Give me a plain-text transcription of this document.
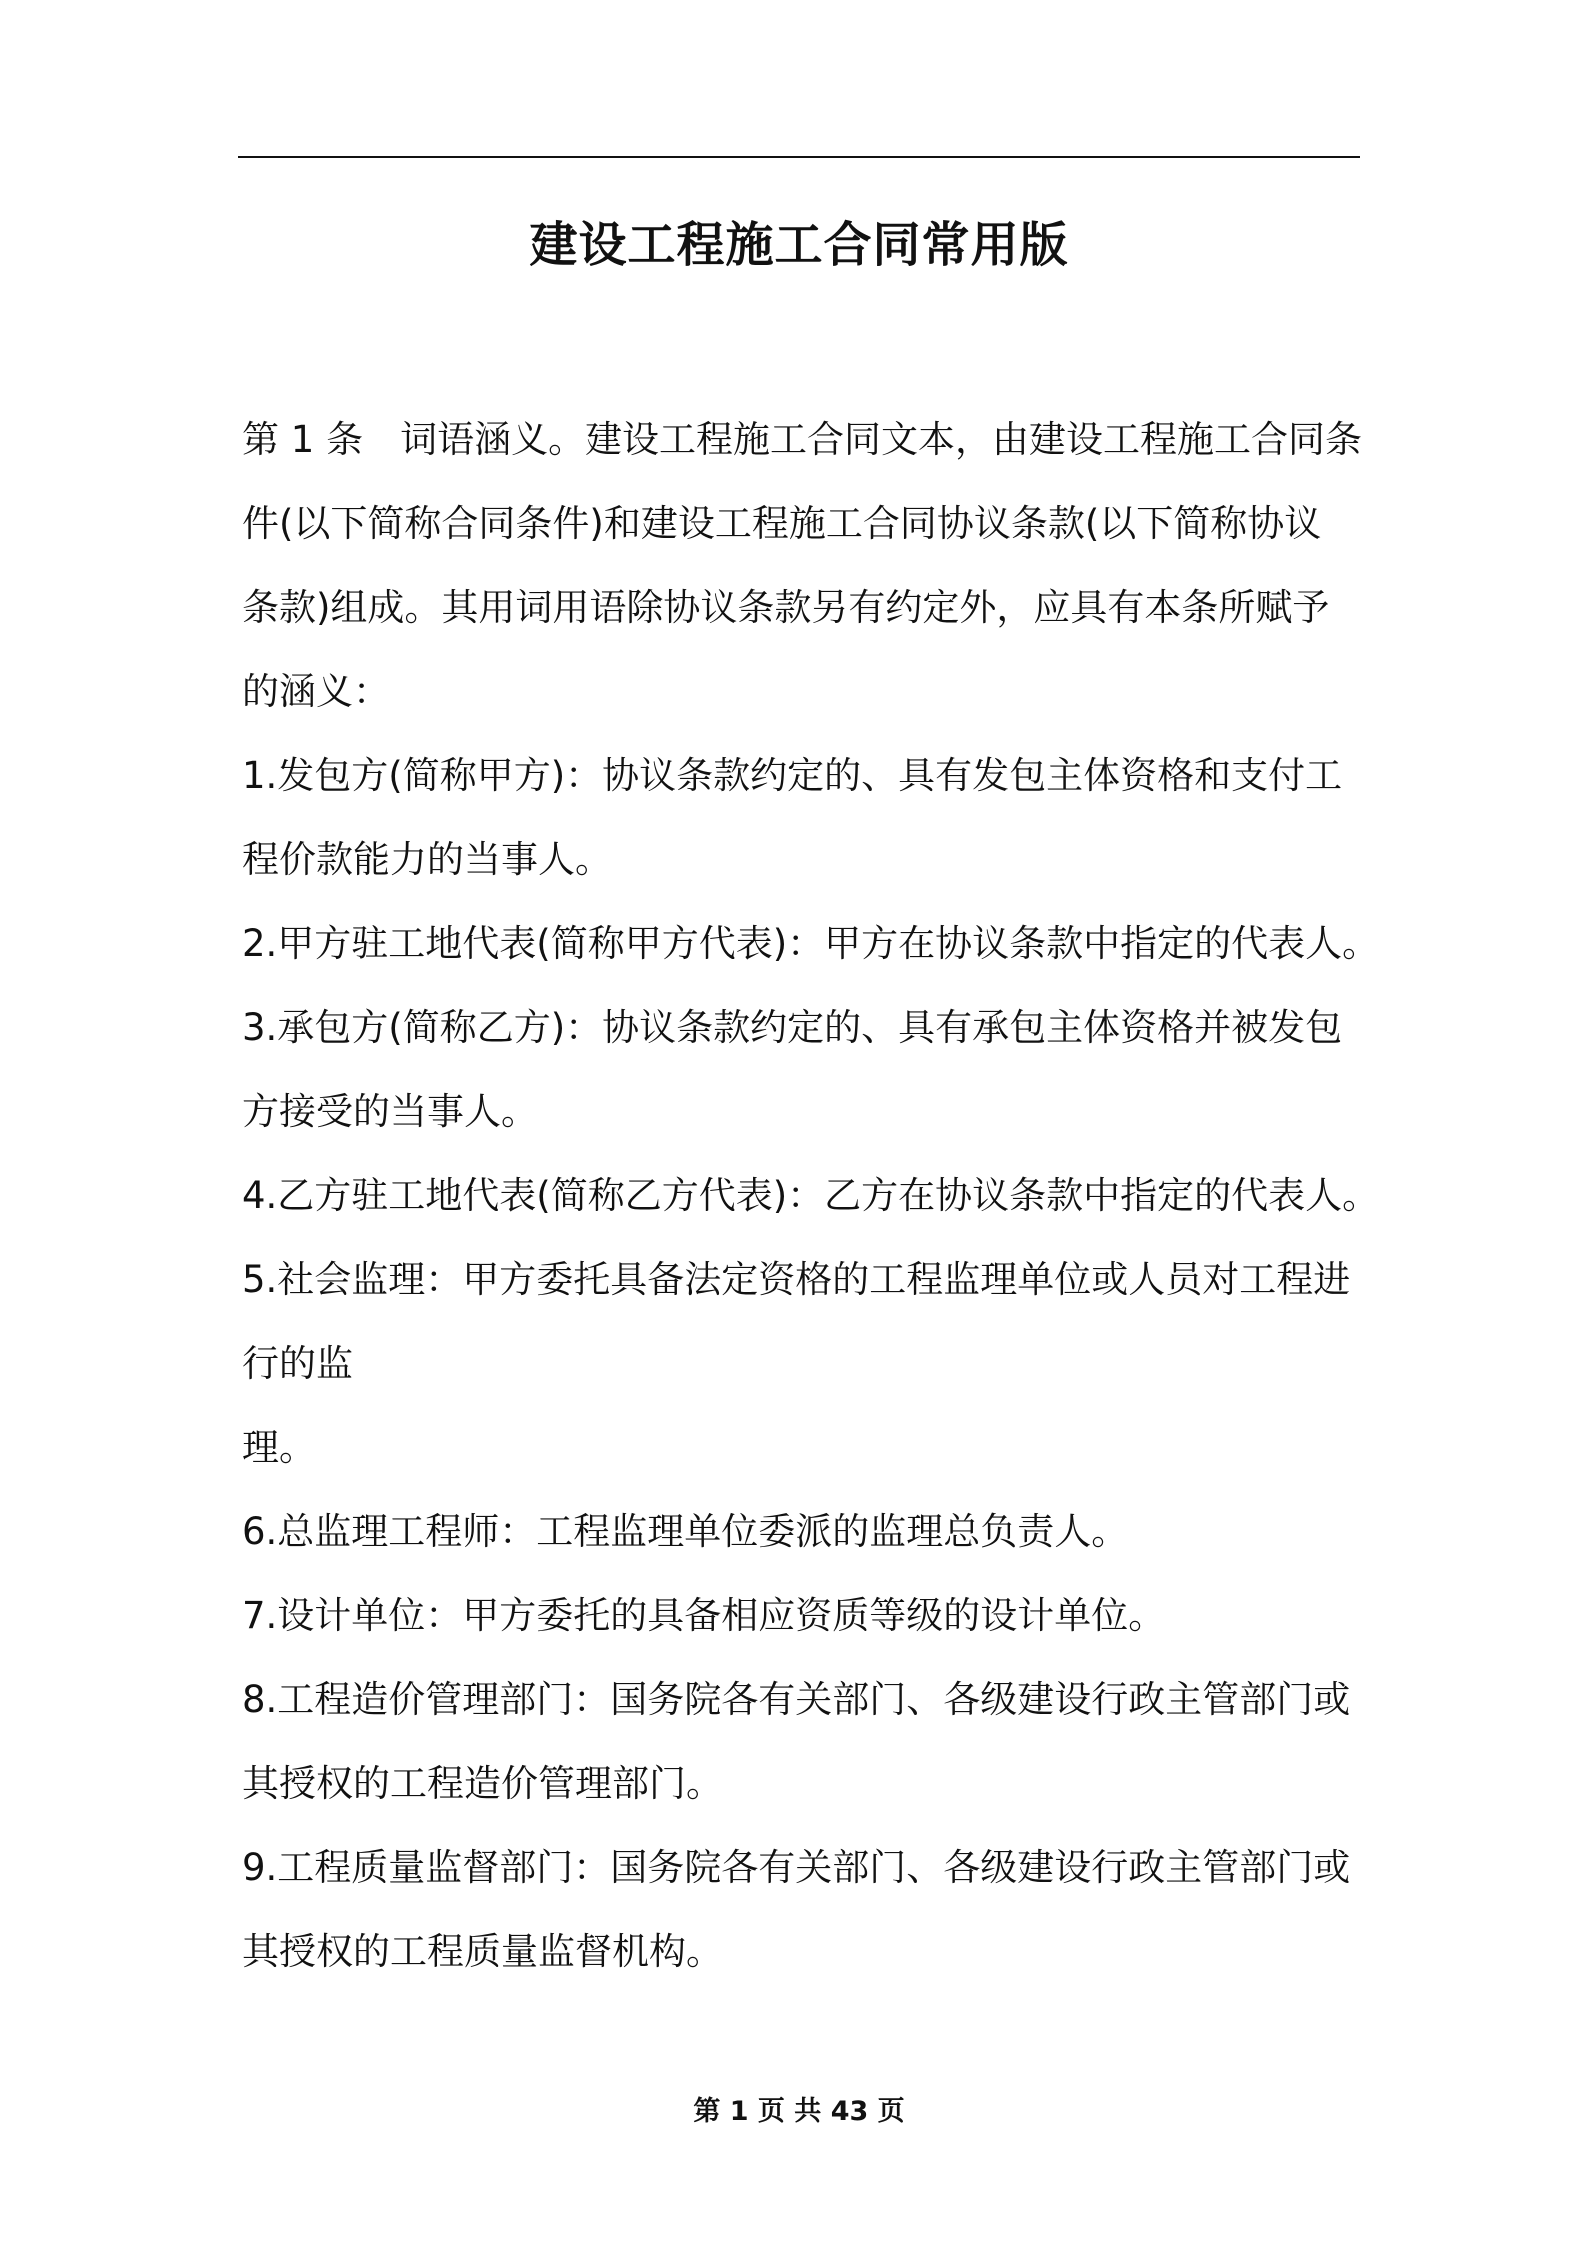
建设工程施工合同常用版
第 1 条　词语涵义。建设工程施工合同文本，由建设工程施工合同条
件(以下简称合同条件)和建设工程施工合同协议条款(以下简称协议
条款)组成。其用词用语除协议条款另有约定外，应具有本条所赋予
的涵义：
1.发包方(简称甲方)：协议条款约定的、具有发包主体资格和支付工
程价款能力的当事人。
2.甲方驻工地代表(简称甲方代表)：甲方在协议条款中指定的代表人。
3.承包方(简称乙方)：协议条款约定的、具有承包主体资格并被发包
方接受的当事人。
4.乙方驻工地代表(简称乙方代表)：乙方在协议条款中指定的代表人。
5.社会监理：甲方委托具备法定资格的工程监理单位或人员对工程进
行的监
理。
6.总监理工程师：工程监理单位委派的监理总负责人。
7.设计单位：甲方委托的具备相应资质等级的设计单位。
8.工程造价管理部门：国务院各有关部门、各级建设行政主管部门或
其授权的工程造价管理部门。
9.工程质量监督部门：国务院各有关部门、各级建设行政主管部门或
其授权的工程质量监督机构。
第 1 页 共 43 页
